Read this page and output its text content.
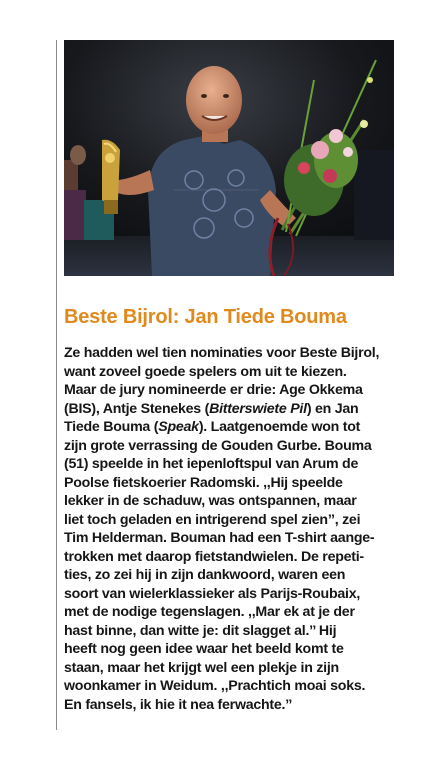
Beste Bijrol: Jan Tiede Bouma
Ze hadden wel tien nominaties voor Beste Bijrol,
want zoveel goede spelers om uit te kiezen.
Maar de jury nomineerde er drie: Age Okkema
(BIS), Antje Stenekes (Bitterswiete Pil) en Jan
Tiede Bouma (Speak). Laatgenoemde won tot
zijn grote verrassing de Gouden Gurbe. Bouma
(51) speelde in het iepenloftspul van Arum de
Poolse fietskoerier Radomski. ,,Hij speelde
lekker in de schaduw, was ontspannen, maar
liet toch geladen en intrigerend spel zien’’, zei
Tim Helderman. Bouman had een T-shirt aange-
trokken met daarop fietstandwielen. De repeti-
ties, zo zei hij in zijn dankwoord, waren een
soort van wielerklassieker als Parijs-Roubaix,
met de nodige tegenslagen. ,,Mar ek at je der
hast binne, dan witte je: dit slagget al.’’ Hij
heeft nog geen idee waar het beeld komt te
staan, maar het krijgt wel een plekje in zijn
woonkamer in Weidum. ,,Prachtich moai soks.
En fansels, ik hie it nea ferwachte.’’
